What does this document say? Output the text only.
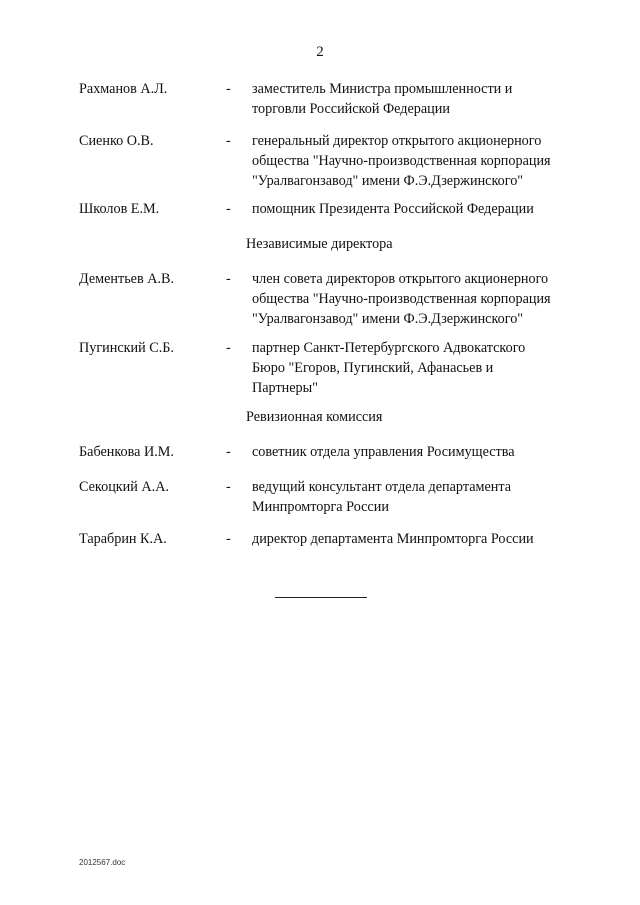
2
Рахманов А.Л.	- заместитель Министра промышленности и
торговли Российской Федерации
Сиенко О.В.	- генеральный директор открытого акционерного
общества "Научно-производственная корпорация
"Уралвагонзавод" имени Ф.Э.Дзержинского"
Школов Е.М.	- помощник Президента Российской Федерации
Независимые директора
Дементьев А.В.	- член совета директоров открытого акционерного
общества "Научно-производственная корпорация
"Уралвагонзавод" имени Ф.Э.Дзержинского"
Пугинский С.Б.	- партнер Санкт-Петербургского Адвокатского
Бюро "Егоров, Пугинский, Афанасьев и
Партнеры"
Ревизионная комиссия
Бабенкова И.М.	- советник отдела управления Росимущества
Секоцкий А.А.	- ведущий консультант отдела департамента
Минпромторга России
Тарабрин К.А.	- директор департамента Минпромторга России
2012567.doc
